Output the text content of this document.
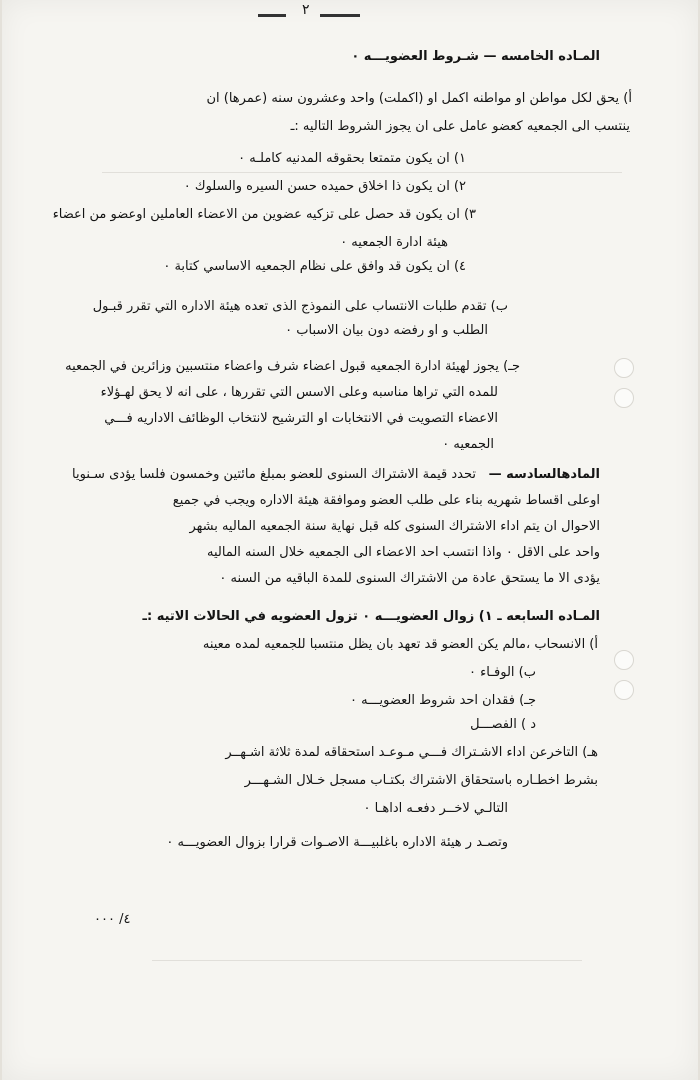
٢
المـاده الخامسه — شـروط العضويـــه ٠
أ) يحق لكل مواطن او مواطنه اكمل او (اكملت) واحد وعشرون سنه (عمرها) ان
ينتسب الى الجمعيه كعضو عامل على ان يجوز الشروط التاليه :ـ
١) ان يكون متمتعا بحقوقه المدنيه كاملـه ٠
٢) ان يكون ذا اخلاق حميده حسن السيره والسلوك ٠
٣) ان يكون قد حصل على تزكيه عضوين من الاعضاء العاملين اوعضو من اعضاء
هيئة ادارة الجمعيه ٠
٤) ان يكون قد وافق على نظام الجمعيه الاساسي كتابة ٠
ب) تقدم طلبات الانتساب على النموذج الذى تعده هيئة الاداره التي تقرر قبـول
الطلب و او رفضه دون بيان الاسباب ٠
جـ) يجوز لهيئة ادارة الجمعيه قبول اعضاء شرف واعضاء منتسبين وزائرين في الجمعيه
للمده التي تراها مناسبه وعلى الاسس التي تقررها ، على انه لا يحق لهـؤلاء
الاعضاء التصويت في الانتخابات او الترشيح لانتخاب الوظائف الاداريه فـــي
الجمعيه ٠
المادهالسادسه —
تحدد قيمة الاشتراك السنوى للعضو بمبلغ مائتين وخمسون فلسا يؤدى سـنويا
اوعلى اقساط شهريه بناء على طلب العضو وموافقة هيئة الاداره ويجب في جميع
الاحوال ان يتم اداء الاشتراك السنوى كله قبل نهاية سنة الجمعيه الماليه بشهر
واحد على الاقل ٠ واذا انتسب احد الاعضاء الى الجمعيه خلال السنه الماليه
يؤدى الا ما يستحق عادة من الاشتراك السنوى للمدة الباقيه من السنه ٠
المـاده السابعه ـ ١) زوال العضويـــه ٠ تزول العضويه في الحالات الاتيه :ـ
أ) الانسحاب ،مالم يكن العضو قد تعهد بان يظل منتسبا للجمعيه لمده معينه
ب) الوفـاء ٠
جـ) فقدان احد شروط العضويـــه ٠
د ) الفصـــل
هـ) التاخرعن اداء الاشـتراك فـــي مـوعـد استحقاقه لمدة ثلاثة اشـهــر
بشرط اخطـاره باستحقاق الاشتراك بكتـاب مسجل خـلال الشـهـــر
التالـي لاخــر دفعـه اداهـا ٠
وتصـد ر هيئة الاداره باغلبيـــة الاصـوات قرارا بزوال العضويـــه ٠
٤/ ٠٠٠
